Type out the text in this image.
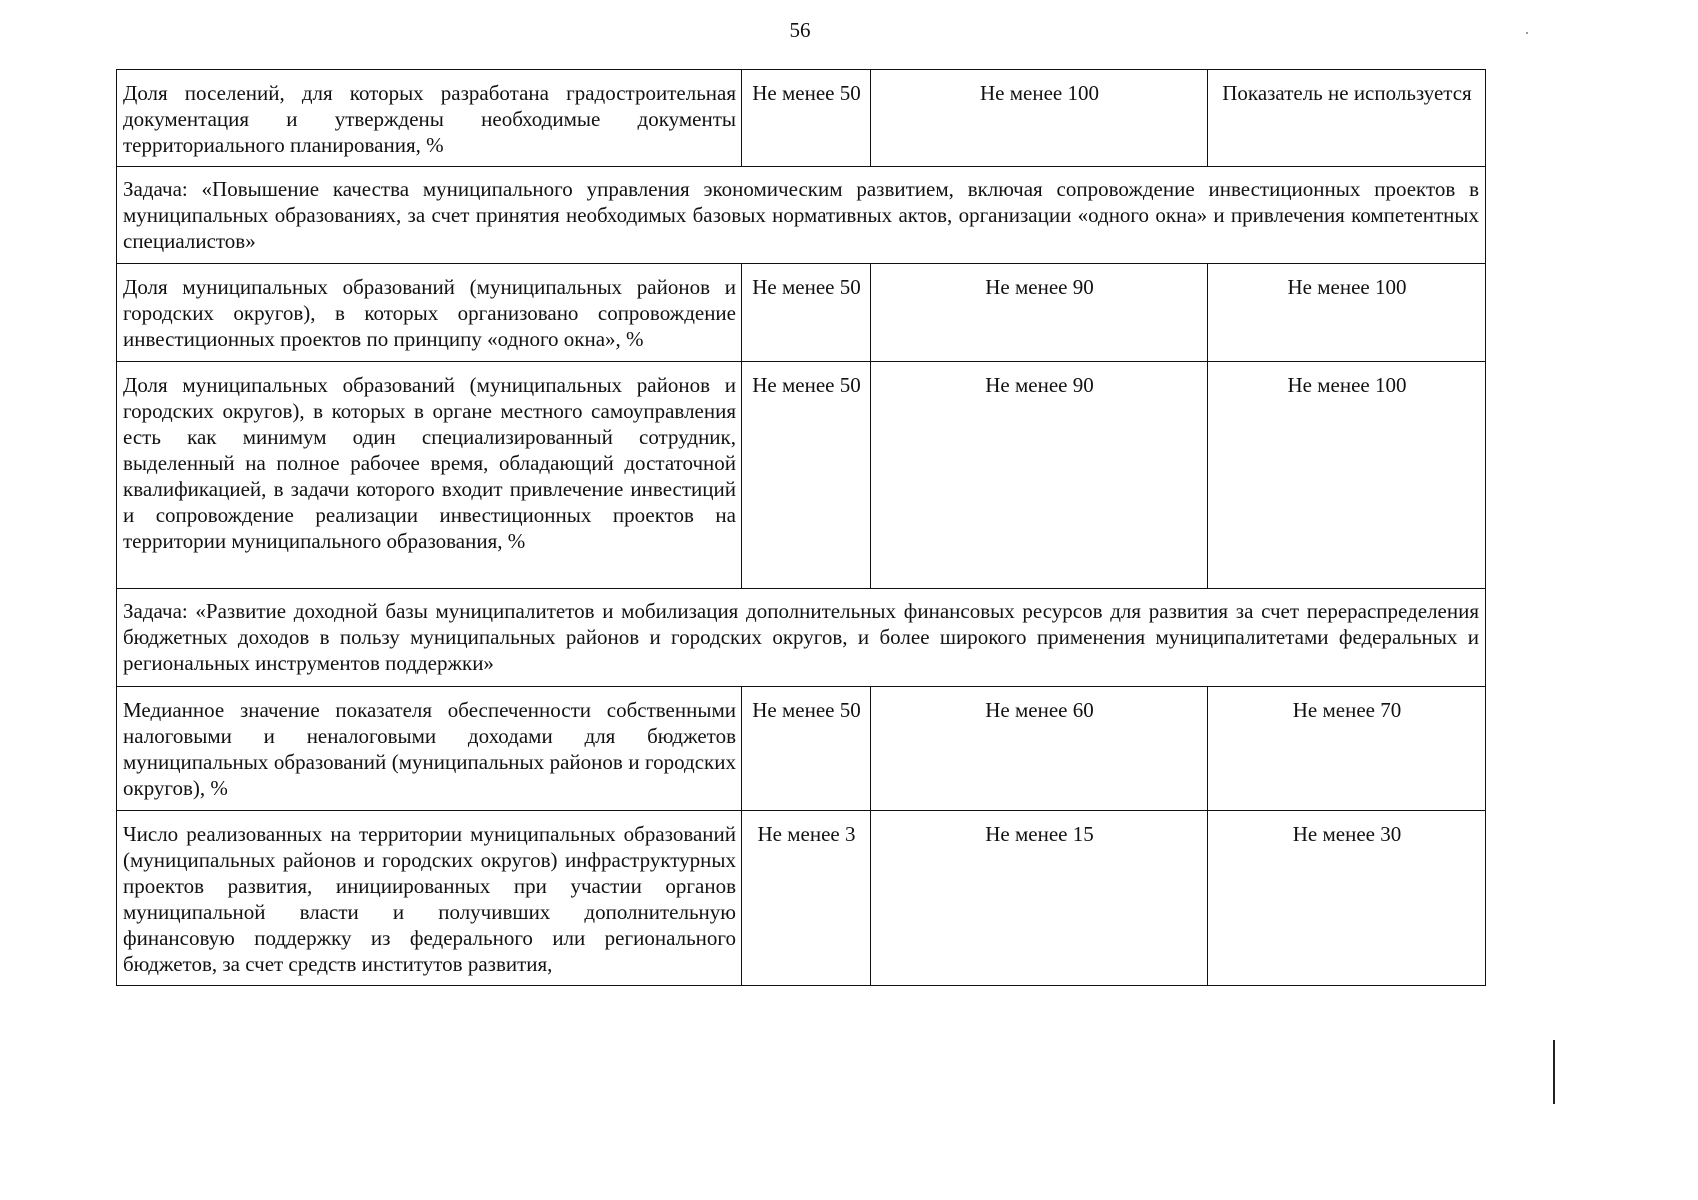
56
Доля поселений, для которых разработана градостроительная документация и утверждены необходимые документы территориального планирования, %	Не менее 50	Не менее 100	Показатель не используется
Задача: «Повышение качества муниципального управления экономическим развитием, включая сопровождение инвестиционных проектов в муниципальных образованиях, за счет принятия необходимых базовых нормативных актов, организации «одного окна» и привлечения компетентных специалистов»			
Доля муниципальных образований (муниципальных районов и городских округов), в которых организовано сопровождение инвестиционных проектов по принципу «одного окна», %	Не менее 50	Не менее 90	Не менее 100
Доля муниципальных образований (муниципальных районов и городских округов), в которых в органе местного самоуправления есть как минимум один специализированный сотрудник, выделенный на полное рабочее время, обладающий достаточной квалификацией, в задачи которого входит привлечение инвестиций и сопровождение реализации инвестиционных проектов на территории муниципального образования, %	Не менее 50	Не менее 90	Не менее 100
Задача: «Развитие доходной базы муниципалитетов и мобилизация дополнительных финансовых ресурсов для развития за счет перераспределения бюджетных доходов в пользу муниципальных районов и городских округов, и более широкого применения муниципалитетами федеральных и региональных инструментов поддержки»			
Медианное значение показателя обеспеченности собственными налоговыми и неналоговыми доходами для бюджетов муниципальных образований (муниципальных районов и городских округов), %	Не менее 50	Не менее 60	Не менее 70
Число реализованных на территории муниципальных образований (муниципальных районов и городских округов) инфраструктурных проектов развития, инициированных при участии органов муниципальной власти и получивших дополнительную финансовую поддержку из федерального или регионального бюджетов, за счет средств институтов развития,	Не менее 3	Не менее 15	Не менее 30
